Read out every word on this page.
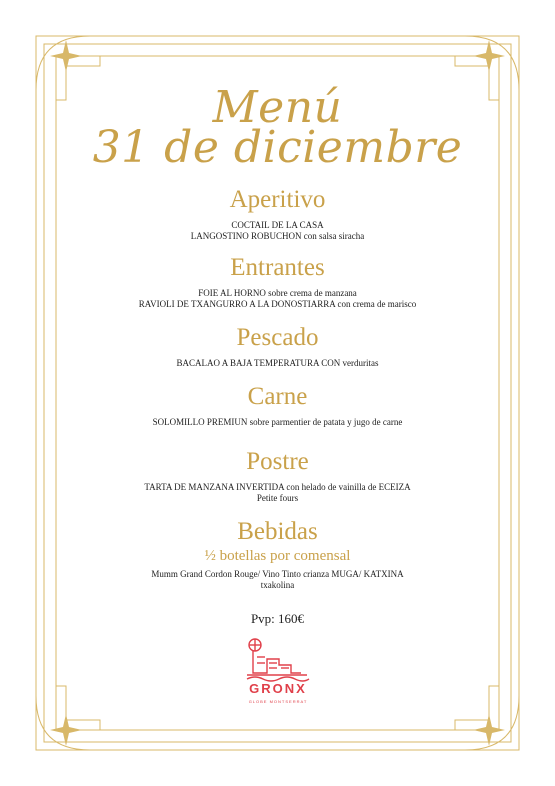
Menú
31 de diciembre
Aperitivo
COCTAIL DE LA CASA
LANGOSTINO ROBUCHON con salsa siracha
Entrantes
FOIE AL HORNO sobre crema de manzana
RAVIOLI DE TXANGURRO A LA DONOSTIARRA con crema de marisco
Pescado
BACALAO A BAJA TEMPERATURA CON verduritas
Carne
SOLOMILLO PREMIUN sobre parmentier de patata y jugo de carne
Postre
TARTA DE MANZANA INVERTIDA con helado de vainilla de ECEIZA
Petite fours
Bebidas
½ botellas por comensal
Mumm Grand Cordon Rouge/ Vino Tinto crianza MUGA/ KATXINA
txakolina
Pvp: 160€
GRONX
GLOBE MONTSERRAT
